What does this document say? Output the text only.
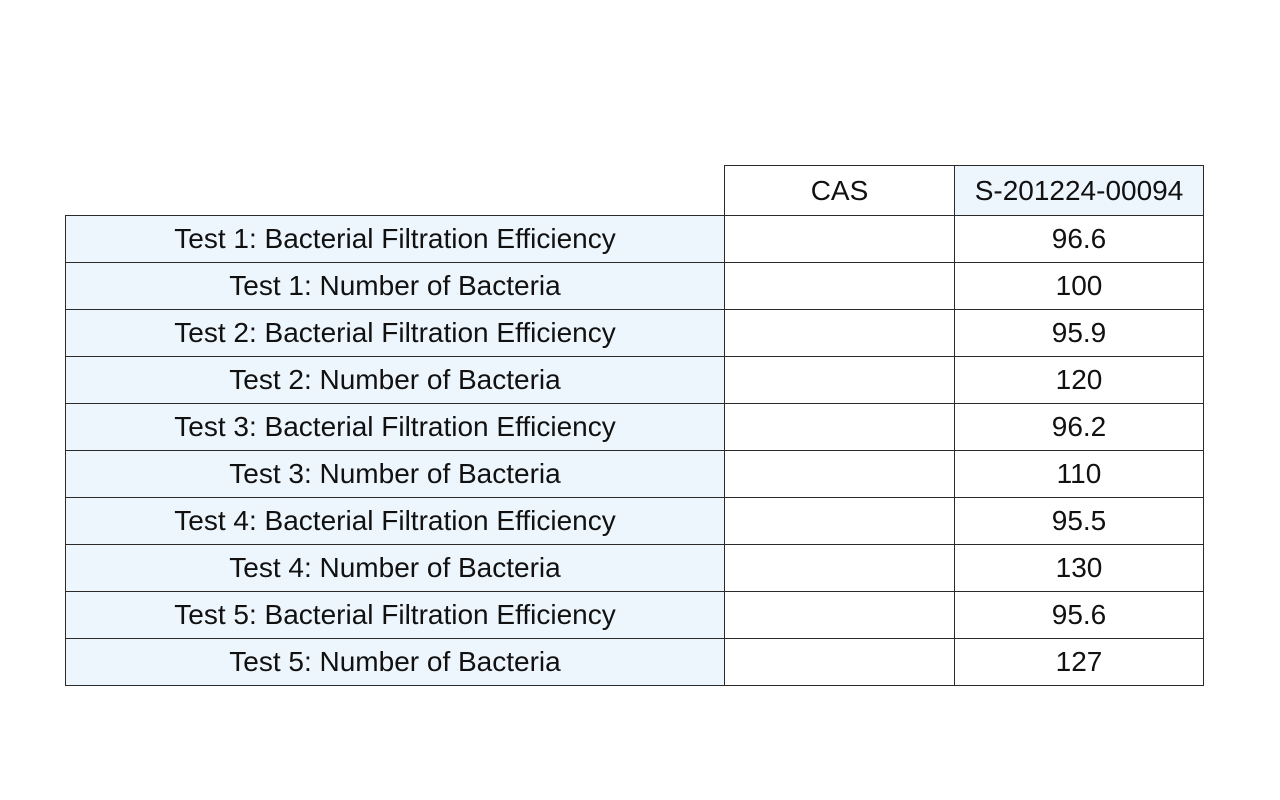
	CAS	S-201224-00094
Test 1: Bacterial Filtration Efficiency		96.6
Test 1: Number of Bacteria		100
Test 2: Bacterial Filtration Efficiency		95.9
Test 2: Number of Bacteria		120
Test 3: Bacterial Filtration Efficiency		96.2
Test 3: Number of Bacteria		110
Test 4: Bacterial Filtration Efficiency		95.5
Test 4: Number of Bacteria		130
Test 5: Bacterial Filtration Efficiency		95.6
Test 5: Number of Bacteria		127
